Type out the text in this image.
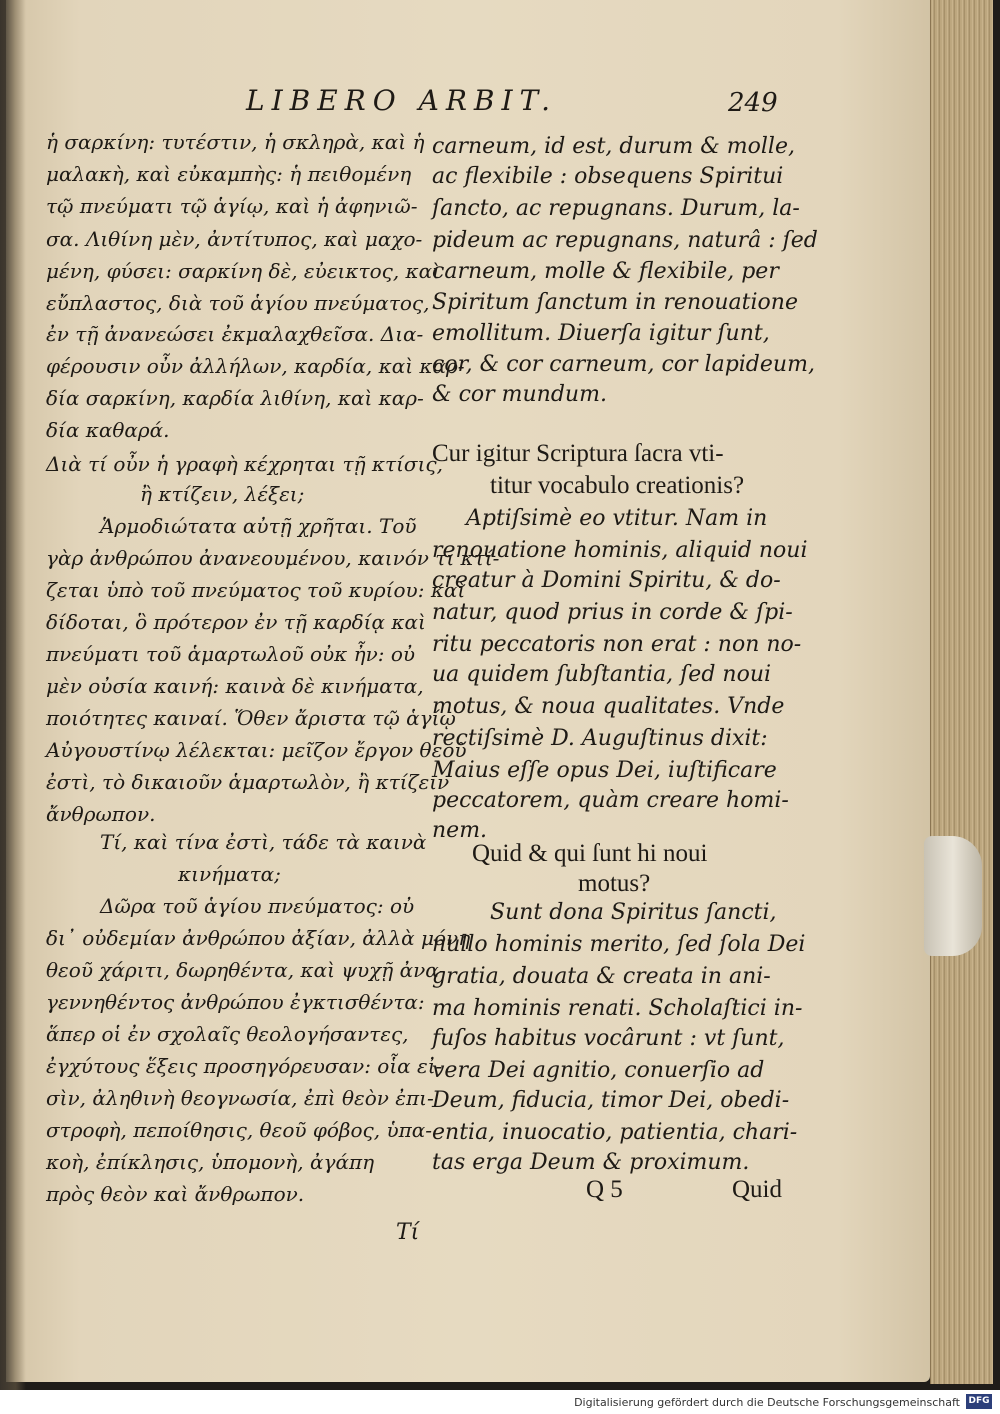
LIBERO ARBIT.	249
ἡ σαρκίνη: τυτέστιν, ἡ σκληρὰ, καὶ ἡ
μαλακὴ, καὶ εὐκαμπὴς: ἡ πειθομένη
τῷ πνεύματι τῷ ἁγίῳ, καὶ ἡ ἀφηνιῶ-
σα. Λιθίνη μὲν, ἀντίτυπος, καὶ μαχο-
μένη, φύσει: σαρκίνη δὲ, εὐεικτος, καὶ
εὔπλαστος, διὰ τοῦ ἁγίου πνεύματος,
ἐν τῇ ἀνανεώσει ἐκμαλαχθεῖσα. Δια-
φέρουσιν οὖν ἀλλήλων, καρδία, καὶ καρ-
δία σαρκίνη, καρδία λιθίνη, καὶ καρ-
δία καθαρά.
Διὰ τί οὖν ἡ γραφὴ κέχρηται τῇ κτίσις,
ἢ κτίζειν, λέξει;
Ἁρμοδιώτατα αὐτῇ χρῆται. Τοῦ
γὰρ ἀνθρώπου ἀνανεουμένου, καινόν τι κτί-
ζεται ὑπὸ τοῦ πνεύματος τοῦ κυρίου: καὶ
δίδοται, ὃ πρότερον ἐν τῇ καρδίᾳ καὶ
πνεύματι τοῦ ἁμαρτωλοῦ οὐκ ἦν: οὐ
μὲν οὐσία καινή: καινὰ δὲ κινήματα,
ποιότητες καιναί. Ὅθεν ἄριστα τῷ ἁγίῳ
Αὐγουστίνῳ λέλεκται: μεῖζον ἔργον θεοῦ
ἐστὶ, τὸ δικαιοῦν ἁμαρτωλὸν, ἢ κτίζειν
ἄνθρωπον.
Τί, καὶ τίνα ἐστὶ, τάδε τὰ καινὰ
κινήματα;
Δῶρα τοῦ ἁγίου πνεύματος: οὐ
δι᾽ οὐδεμίαν ἀνθρώπου ἀξίαν, ἀλλὰ μόνη
θεοῦ χάριτι, δωρηθέντα, καὶ ψυχῇ ἀνα-
γεννηθέντος ἀνθρώπου ἐγκτισθέντα:
ἅπερ οἱ ἐν σχολαῖς θεολογήσαντες,
ἐγχύτους ἕξεις προσηγόρευσαν: οἷα εἰ-
σὶν, ἀληθινὴ θεογνωσία, ἐπὶ θεὸν ἐπι-
στροφὴ, πεποίθησις, θεοῦ φόβος, ὑπα-
κοὴ, ἐπίκλησις, ὑπομονὴ, ἀγάπη
πρὸς θεὸν καὶ ἄνθρωπον.
Τί
carneum, id est, durum & molle,
ac flexibile : obsequens Spiritui
ſancto, ac repugnans. Durum, la-
pideum ac repugnans, naturâ : ſed
carneum, molle & flexibile, per
Spiritum ſanctum in renouatione
emollitum. Diuerſa igitur ſunt,
cor, & cor carneum, cor lapideum,
& cor mundum.
Cur igitur Scriptura ſacra vti-
titur vocabulo creationis?
Aptiſsimè eo vtitur. Nam in
renouatione hominis, aliquid noui
creatur à Domini Spiritu, & do-
natur, quod prius in corde & ſpi-
ritu peccatoris non erat : non no-
ua quidem ſubſtantia, ſed noui
motus, & noua qualitates. Vnde
rectiſsimè D. Auguſtinus dixit:
Maius eſſe opus Dei, iuſtificare
peccatorem, quàm creare homi-
nem.
Quid & qui ſunt hi noui
motus?
Sunt dona Spiritus ſancti,
nullo hominis merito, ſed ſola Dei
gratia, douata & creata in ani-
ma hominis renati. Scholaſtici in-
fuſos habitus vocârunt : vt ſunt,
vera Dei agnitio, conuerſio ad
Deum, fiducia, timor Dei, obedi-
entia, inuocatio, patientia, chari-
tas erga Deum & proximum.
Q 5	Quid
Digitalisierung gefördert durch die Deutsche Forschungsgemeinschaft DFG
